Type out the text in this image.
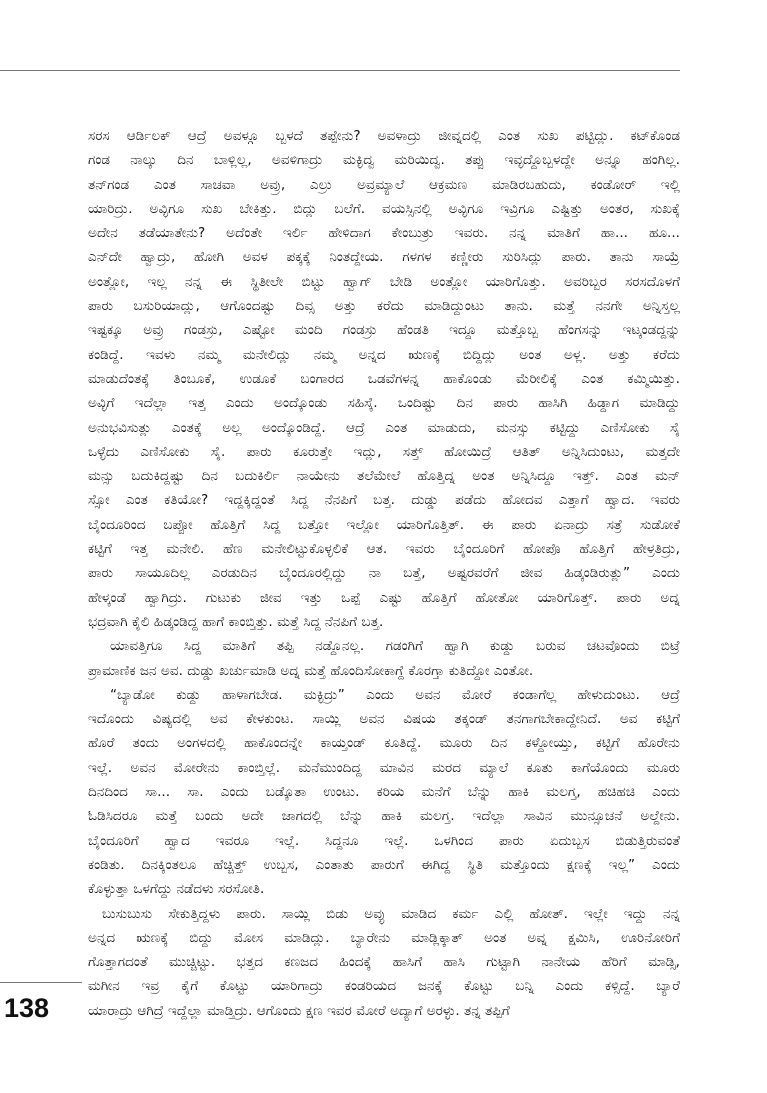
ಸರಸ ಆರ್ಡಿಲಕ್ ಆದ್ರೆ ಅವಳ್ಗೂ ಬ್ಬಳದೆ ತಪ್ಪೇನು? ಅವಳಾದ್ರು ಜೀವ್ನದಲ್ಲಿ ಎಂತ ಸುಖ ಪಟ್ಟಿದ್ಲು. ಕಟ್‌ಕೊಂಡ
ಗಂಡ ನಾಲ್ಕು ದಿನ ಬಾಳ್ಲಿಲ್ಲ, ಅವಳಿಗಾದ್ರು ಮಕ್ಳಿದ್ವ ಮರಿಯಿದ್ವ. ತಪ್ಪು ಇವ್ಳದ್ದೊಬ್ಬಳದ್ದೇ ಅನ್ನೂ ಹಂಗಿಲ್ಲ.
ತನ್‌ಗಂಡ ಎಂತ ಸಾಚವಾ ಅವ್ರು, ಎಲ್ರು ಅವ್ರಮ್ಯಾಲೆ ಆಕ್ರಮಣ ಮಾಡಿರಬಹುದು, ಕಂಡೋರ್ ಇಲ್ಲಿ
ಯಾರಿದ್ರು. ಅವ್ಳಿಗೂ ಸುಖ ಬೇಕಿತ್ತು. ಬಿದ್ಲು ಬಲೆಗೆ. ವಯಸ್ಸಿನಲ್ಲಿ ಅವ್ಳಿಗೂ ಇವ್ರಿಗೂ ಎಷ್ಟಿತ್ತು ಅಂತರ, ಸುಖಕ್ಕೆ
ಅದೇನ ತಡೆಯಾತೇನು? ಅದೆಂತೇ ಇರ್ಲಿ ಹೇಳಿದಾಗ ಕೇಂಬುತ್ರು ಇವರು. ನನ್ನ ಮಾತಿಗೆ ಹಾ... ಹೂ...
ಎನ್‌ದೇ ಹ್ವಾದ್ರು, ಹೋಗಿ ಅವಳ ಪಕ್ಕಕ್ಕೆ ನಿಂತದ್ದೇಯ. ಗಳಗಳ ಕಣ್ಣೀರು ಸುರಿಸಿದ್ಲು ಪಾರು. ತಾನು ಸಾಯ್ರೆ
ಅಂತ್ಲೋ, ಇಲ್ಲ ನನ್ನ ಈ ಸ್ಥಿತೀಲೇ ಬಿಟ್ಟು ಹ್ವಾಗ್ ಬೇಡಿ ಅಂತ್ಲೋ ಯಾರಿಗೊತ್ತು. ಅವರಿಬ್ಬರ ಸರಸದೊಳಗೆ
ಪಾರು ಬಸುರಿಯಾದ್ಲು, ಆಗೊಂದಷ್ಟು ದಿವ್ಸ ಅತ್ತು ಕರೆದು ಮಾಡಿದ್ದುಂಟು ತಾನು. ಮತ್ತೆ ನನಗೇ ಅನ್ನಿಸ್ತಲ್ಲ
ಇಷ್ಟಕ್ಕೂ ಅವ್ರು ಗಂಡಸ್ರು, ಎಷ್ಟೋ ಮಂದಿ ಗಂಡಸ್ರು ಹೆಂಡತಿ ಇದ್ದೂ ಮತ್ತೊಬ್ಬ ಹೆಂಗಸನ್ನು ಇಟ್ಕಂಡದ್ದನ್ನು
ಕಂಡಿದ್ದೆ. ಇವಳು ನಮ್ಮ ಮನೇಲಿದ್ಲು ನಮ್ಮ ಅನ್ನದ ಋಣಕ್ಕೆ ಬಿದ್ದಿದ್ಲು ಅಂತ ಅಳ್ಲ. ಅತ್ತು ಕರೆದು
ಮಾಡುದೆಂತಕ್ಕೆ ತಿಂಬೂಕೆ, ಉಡೂಕೆ ಬಂಗಾರದ ಒಡವೆಗಳನ್ನ ಹಾಕೊಂಡು ಮೆರೀಲಿಕ್ಕೆ ಎಂತ ಕಮ್ಮಿಯಿತ್ತು.
ಅವ್ಳಿಗೆ ಇದೆಲ್ಲಾ ಇತ್ತ ಎಂದು ಅಂದ್ಕೊಂಡು ಸಹಿಸ್ಕೆ. ಒಂದಿಷ್ಟು ದಿನ ಪಾರು ಹಾಸಿಗಿ ಹಿಡ್ದಾಗ ಮಾಡಿದ್ದು
ಅನುಭವಿಸುತ್ಲು ಎಂತಕ್ಕೆ ಅಲ್ಲ ಅಂದ್ಕೊಂಡಿದ್ದೆ. ಆದ್ರೆ ಎಂತ ಮಾಡುದು, ಮನಸ್ಸು ಕಟ್ಟಿದ್ದು ಎಣಿಸೋಕು ಸೈ
ಒಳ್ಳೆದು ಎಣಿಸೋಕು ಸೈ. ಪಾರು ಕೂರುತ್ತೇ ಇದ್ಲು, ಸತ್ತ್ ಹೋಯಿದ್ರೆ ಆತಿತ್ ಅನ್ನಿಸಿದುಂಟು, ಮತ್ತದೇ
ಮನ್ಸು ಬದುಕಿದ್ದಷ್ಟು ದಿನ ಬದುಕಿರ್ಲಿ ನಾಯೇನು ತಲೆಮೇಲೆ ಹೊತ್ತಿದ್ನ ಅಂತ ಅನ್ನಿಸಿದ್ದೂ ಇತ್ತ್. ಎಂತ ಮನ್
ಸ್ಸೋ ಎಂತ ಕತಿಯೋ? ಇದ್ದಕ್ಕಿದ್ದಂತೆ ಸಿದ್ದ ನೆನಪಿಗೆ ಬತ್ತ. ದುಡ್ಡು ಪಡೆದು ಹೋದವ ಎತ್ತಾಗೆ ಹ್ವಾದ. ಇವರು
ಬೈಂದೂರಿಂದ ಬಪ್ಪೋ ಹೊತ್ತಿಗೆ ಸಿದ್ದ ಬತ್ತೋ ಇಲ್ಲೋ ಯಾರಿಗೊತ್ತಿತ್. ಈ ಪಾರು ಏನಾದ್ರು ಸತ್ರೆ ಸುಡೋಕೆ
ಕಟ್ಟಿಗೆ ಇತ್ತ ಮನೇಲಿ. ಹೆಣ ಮನೇಲಿಟ್ಟುಕೊಳ್ಳಲಿಕೆ ಆತ. ಇವರು ಬೈಂದೂರಿಗೆ ಹೋಪೊ ಹೊತ್ತಿಗೆ ಹೇಳ್ರತಿದ್ರು,
ಪಾರು ಸಾಯೂದಿಲ್ಲ ಎರಡುದಿನ ಬೈಂದೂರಲ್ಲಿದ್ದು ನಾ ಬತ್ತೆ, ಅಷ್ಟರವರೆಗೆ ಜೀವ ಹಿಡ್ಕಂಡಿರುತ್ಲು” ಎಂದು
ಹೇಳ್ಕಂಡೆ ಹ್ವಾಗಿದ್ರು. ಗುಟುಕು ಜೀವ ಇತ್ತು ಒಪ್ಪೆ ಎಷ್ಟು ಹೊತ್ತಿಗೆ ಹೋತೋ ಯಾರಿಗೊತ್ತ್. ಪಾರು ಅದ್ನ
ಭದ್ರವಾಗಿ ಕೈಲಿ ಹಿಡ್ಕಂಡಿದ್ದ ಹಾಗೆ ಕಾಂಬ್ತಿತ್ತು. ಮತ್ತೆ ಸಿದ್ದ ನೆನಪಿಗೆ ಬತ್ತ.
ಯಾವತ್ತಿಗೂ ಸಿದ್ದ ಮಾತಿಗೆ ತಪ್ಪಿ ನಡ್ದೊನಲ್ಲ. ಗಡಂಗಿಗೆ ಹ್ವಾಗಿ ಕುಡ್ದು ಬರುವ ಚಟವೊಂದು ಬಿಟ್ರೆ
ಪ್ರಾಮಾಣಿಕ ಜನ ಅವ. ದುಡ್ಡು ಖರ್ಚುಮಾಡಿ ಅದ್ನ ಮತ್ತೆ ಹೊಂದಿಸೋಕಾಗ್ದೆ ಕೊರಗ್ತಾ ಕುತಿದ್ದೋ ಎಂತೋ.
“ಬ್ಯಾಡೋ ಕುಡ್ದು ಹಾಳಾಗಬೇಡ. ಮಕ್ಳಿದ್ರು” ಎಂದು ಅವನ ಮೋರೆ ಕಂಡಾಗೆಲ್ಲ ಹೇಳುದುಂಟು. ಆದ್ರೆ
ಇದೊಂದು ವಿಷ್ಯದಲ್ಲಿ ಅವ ಕೇಳಕುಂಟ. ಸಾಯ್ಲಿ ಅವನ ವಿಷಯ ತಕ್ಕಂಡ್ ತನಗಾಗಬೇಕಾದ್ದೇನಿದೆ. ಅವ ಕಟ್ಟಿಗೆ
ಹೊರೆ ತಂದು ಅಂಗಳದಲ್ಲಿ ಹಾಕೊಂದನ್ನೇ ಕಾಯ್ತಂಡ್ ಕೂತಿದ್ದೆ. ಮೂರು ದಿನ ಕಳ್ದೋಯ್ತು, ಕಟ್ಟಿಗೆ ಹೊರೇನು
ಇಲ್ಲೆ. ಅವನ ಮೋರೇನು ಕಾಂಬ್ತಿಲ್ಲೆ. ಮನೆಮುಂದಿದ್ದ ಮಾವಿನ ಮರದ ಮ್ಯಾಲೆ ಕೂತು ಕಾಗೆಯೊಂದು ಮೂರು
ದಿನದಿಂದ ಸಾ... ಸಾ. ಎಂದು ಬಡ್ಕೊತಾ ಉಂಟು. ಕರಿಯ ಮನೆಗೆ ಬೆನ್ನು ಹಾಕಿ ಮಲಗ್ತ, ಹಚಿಹಚಿ ಎಂದು
ಓಡಿಸಿದರೂ ಮತ್ತೆ ಬಂದು ಅದೇ ಜಾಗದಲ್ಲಿ ಬೆನ್ನು ಹಾಕಿ ಮಲಗ್ತ. ಇದೆಲ್ಲಾ ಸಾವಿನ ಮುನ್ಸೂಚನೆ ಅಲ್ದೇನು.
ಬೈಂದೂರಿಗೆ ಹ್ವಾದ ಇವರೂ ಇಲ್ಲೆ. ಸಿದ್ದನೂ ಇಲ್ಲೆ. ಒಳಗಿಂದ ಪಾರು ಏದುಬ್ಬಸ ಬಿಡುತ್ತಿರುವಂತೆ
ಕಂಡಿತು. ದಿನಕ್ಕಿಂತಲೂ ಹೆಚ್ಚಿತ್ತ್ ಉಬ್ಬಸ, ಎಂತಾತು ಪಾರುಗೆ ಈಗಿದ್ದ ಸ್ಥಿತಿ ಮತ್ತೊಂದು ಕ್ಷಣಕ್ಕೆ ಇಲ್ಲ” ಎಂದು
ಕೊಳ್ಳುತ್ತಾ ಒಳಗೆದ್ದು ನಡೆದಳು ಸರಸೋತಿ.
ಬುಸುಬುಸು ಸೇಕುತ್ತಿದ್ದಳು ಪಾರು. ಸಾಯ್ಲಿ ಬಿಡು ಅವ್ಳು ಮಾಡಿದ ಕರ್ಮ ಎಲ್ಲಿ ಹೋತ್. ಇಲ್ಲೇ ಇದ್ದು ನನ್ನ
ಅನ್ನದ ಋಣಕ್ಕೆ ಬಿದ್ದು ಮೋಸ ಮಾಡಿದ್ಲು. ಬ್ಯಾರೇನು ಮಾಡ್ಲಿಕ್ಕಾತ್ ಅಂತ ಅವ್ನ ಕ್ಷಮಿಸಿ, ಊರಿನೋರಿಗೆ
ಗೊತ್ತಾಗದಂತೆ ಮುಚ್ಚಿಟ್ಟು. ಭತ್ತದ ಕಣಜದ ಹಿಂದಕ್ಕೆ ಹಾಸಿಗೆ ಹಾಸಿ ಗುಟ್ಟಾಗಿ ನಾನೇಯ ಹೆರಿಗೆ ಮಾಡ್ಸಿ,
ಮಗೀನ ಇವ್ರ ಕೈಗೆ ಕೊಟ್ಟು ಯಾರಿಗಾದ್ರು ಕಂಡರಿಯದ ಜನಕ್ಕೆ ಕೊಟ್ಟು ಬನ್ನಿ ಎಂದು ಕಳ್ಸಿದ್ದೆ. ಬ್ಯಾರೆ
ಯಾರಾದ್ರು ಆಗಿದ್ರೆ ಇದ್ದೆಲ್ಲಾ ಮಾಡ್ತಿದ್ರು. ಆಗೊಂದು ಕ್ಷಣ ಇವರ ಮೋರೆ ಅದ್ಯಾಗೆ ಅರಳ್ಳು. ತನ್ನ ತಪ್ಪಿಗೆ
138
